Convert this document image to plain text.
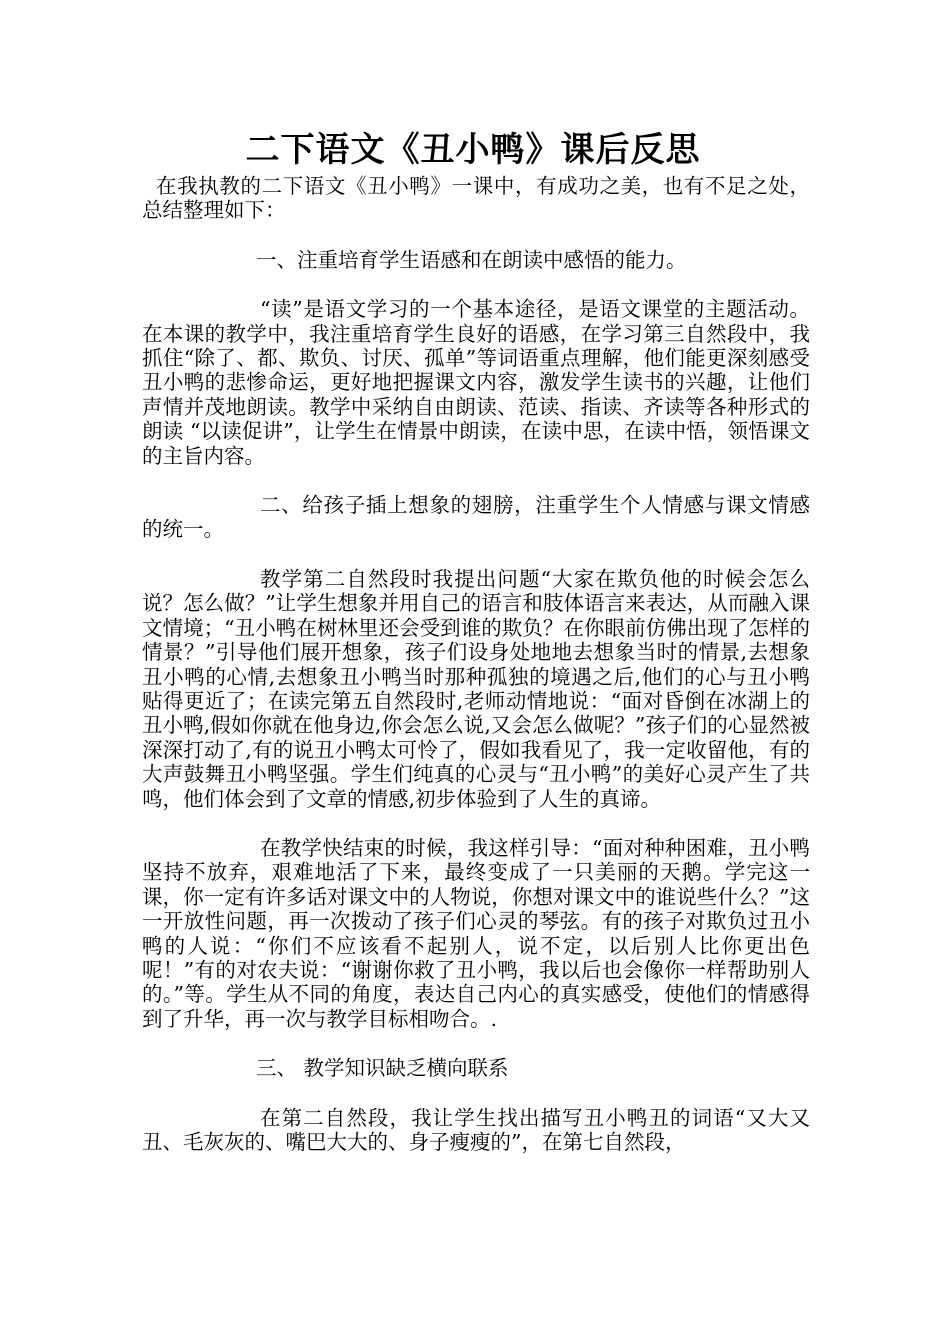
二下语文《丑小鸭》课后反思

在我执教的二下语文《丑小鸭》一课中，有成功之美，也有不足之处，总结整理如下：

一、注重培育学生语感和在朗读中感悟的能力。

“读”是语文学习的一个基本途径，是语文课堂的主题活动。在本课的教学中，我注重培育学生良好的语感，在学习第三自然段中，我抓住“除了、都、欺负、讨厌、孤单”等词语重点理解，他们能更深刻感受丑小鸭的悲惨命运，更好地把握课文内容，激发学生读书的兴趣，让他们声情并茂地朗读。教学中采纳自由朗读、范读、指读、齐读等各种形式的朗读 “以读促讲”，让学生在情景中朗读，在读中思，在读中悟，领悟课文的主旨内容。

二、给孩子插上想象的翅膀，注重学生个人情感与课文情感的统一。

教学第二自然段时我提出问题“大家在欺负他的时候会怎么说？怎么做？”让学生想象并用自己的语言和肢体语言来表达，从而融入课文情境；“丑小鸭在树林里还会受到谁的欺负？在你眼前仿佛出现了怎样的情景？”引导他们展开想象，孩子们设身处地地去想象当时的情景,去想象丑小鸭的心情,去想象丑小鸭当时那种孤独的境遇之后,他们的心与丑小鸭贴得更近了；在读完第五自然段时,老师动情地说：“面对昏倒在冰湖上的丑小鸭,假如你就在他身边,你会怎么说,又会怎么做呢？”孩子们的心显然被深深打动了,有的说丑小鸭太可怜了，假如我看见了，我一定收留他，有的大声鼓舞丑小鸭坚强。学生们纯真的心灵与“丑小鸭”的美好心灵产生了共鸣，他们体会到了文章的情感,初步体验到了人生的真谛。

在教学快结束的时候，我这样引导：“面对种种困难，丑小鸭坚持不放弃，艰难地活了下来，最终变成了一只美丽的天鹅。学完这一课，你一定有许多话对课文中的人物说，你想对课文中的谁说些什么？”这一开放性问题，再一次拨动了孩子们心灵的琴弦。有的孩子对欺负过丑小鸭的人说：“你们不应该看不起别人，说不定，以后别人比你更出色呢！”有的对农夫说：“谢谢你救了丑小鸭，我以后也会像你一样帮助别人的。”等。学生从不同的角度，表达自己内心的真实感受，使他们的情感得到了升华，再一次与教学目标相吻合。.

三、 教学知识缺乏横向联系

在第二自然段，我让学生找出描写丑小鸭丑的词语“又大又丑、毛灰灰的、嘴巴大大的、身子瘦瘦的”，在第七自然段，
